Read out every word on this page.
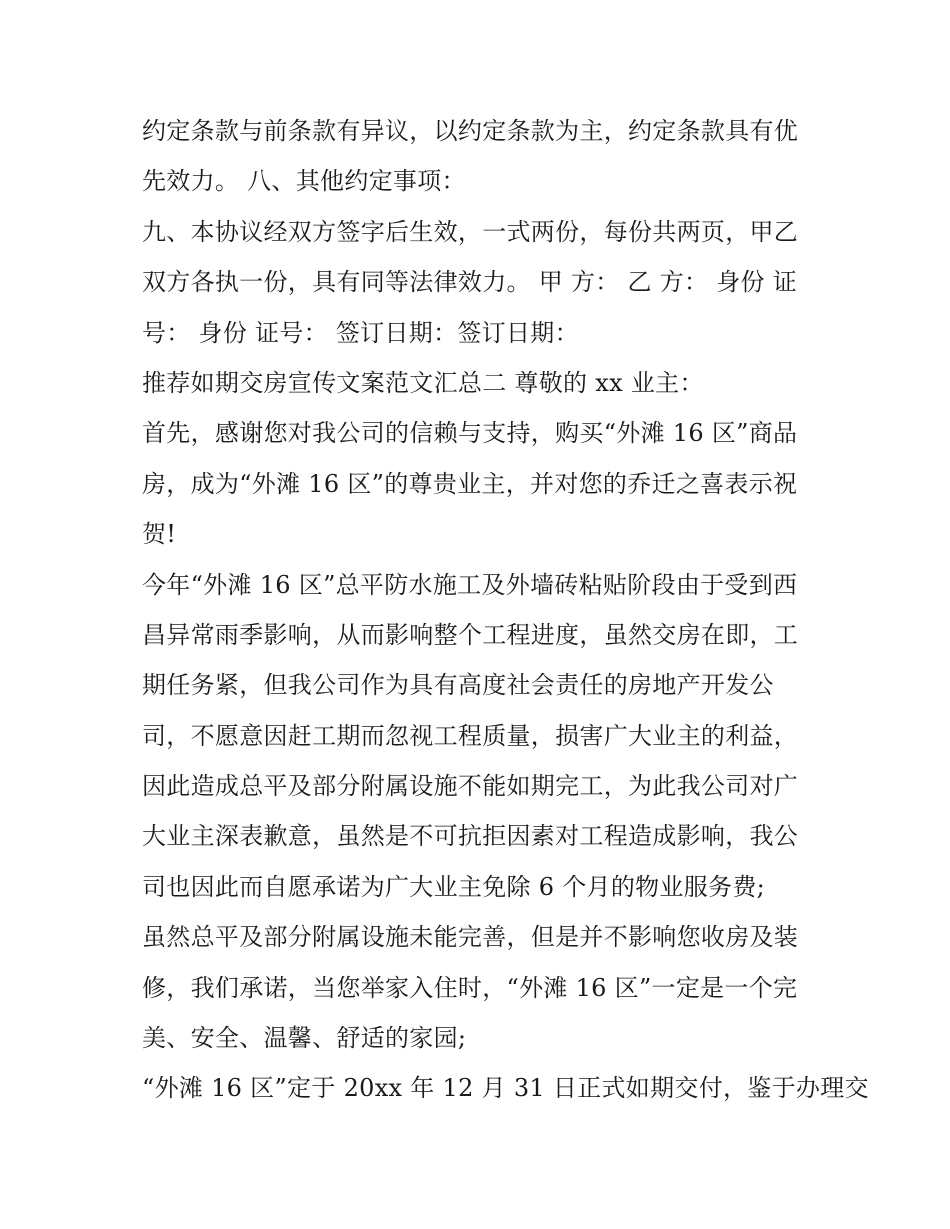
约定条款与前条款有异议，以约定条款为主，约定条款具有优
先效力。 八、其他约定事项：
九、本协议经双方签字后生效，一式两份，每份共两页，甲乙
双方各执一份，具有同等法律效力。 甲 方： 乙 方： 身份 证
号： 身份 证号： 签订日期：签订日期：
推荐如期交房宣传文案范文汇总二 尊敬的 xx 业主：
首先，感谢您对我公司的信赖与支持，购买“外滩 16 区”商品
房，成为“外滩 16 区”的尊贵业主，并对您的乔迁之喜表示祝
贺!
今年“外滩 16 区”总平防水施工及外墙砖粘贴阶段由于受到西
昌异常雨季影响，从而影响整个工程进度，虽然交房在即，工
期任务紧，但我公司作为具有高度社会责任的房地产开发公
司，不愿意因赶工期而忽视工程质量，损害广大业主的利益，
因此造成总平及部分附属设施不能如期完工，为此我公司对广
大业主深表歉意，虽然是不可抗拒因素对工程造成影响，我公
司也因此而自愿承诺为广大业主免除 6 个月的物业服务费;
虽然总平及部分附属设施未能完善，但是并不影响您收房及装
修，我们承诺，当您举家入住时，“外滩 16 区”一定是一个完
美、安全、温馨、舒适的家园;
“外滩 16 区”定于 20xx 年 12 月 31 日正式如期交付，鉴于办理交
